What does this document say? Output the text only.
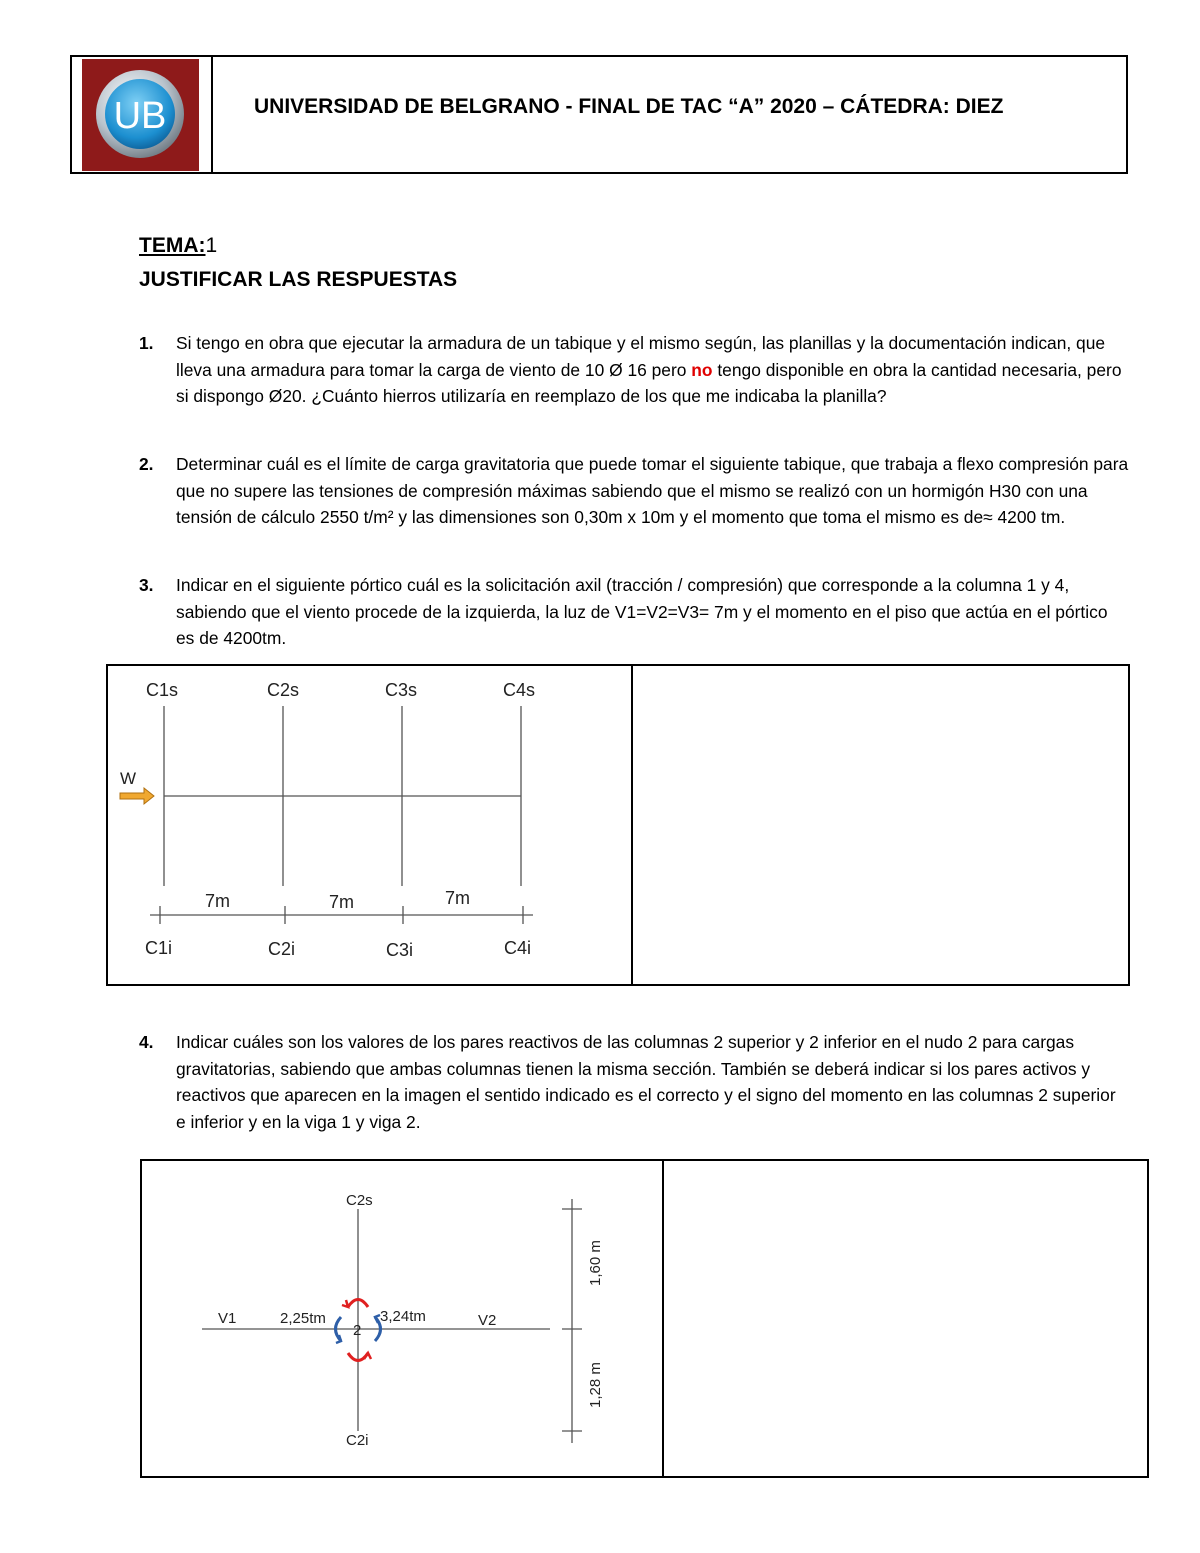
UB	UNIVERSIDAD DE BELGRANO - FINAL DE TAC “A” 2020 – CÁTEDRA: DIEZ
TEMA:1
JUSTIFICAR LAS RESPUESTAS
1. Si tengo en obra que ejecutar la armadura de un tabique y el mismo según, las planillas y la documentación indican, que lleva una armadura para tomar la carga de viento de 10 Ø 16 pero no tengo disponible en obra la cantidad necesaria, pero si dispongo Ø20. ¿Cuánto hierros utilizaría en reemplazo de los que me indicaba la planilla?
2. Determinar cuál es el límite de carga gravitatoria que puede tomar el siguiente tabique, que trabaja a flexo compresión para que no supere las tensiones de compresión máximas sabiendo que el mismo se realizó con un hormigón H30 con una tensión de cálculo 2550 t/m² y las dimensiones son 0,30m x 10m y el momento que toma el mismo es de≈ 4200 tm.
3. Indicar en el siguiente pórtico cuál es la solicitación axil (tracción / compresión) que corresponde a la columna 1 y 4, sabiendo que el viento procede de la izquierda, la luz de V1=V2=V3= 7m y el momento en el piso que actúa en el pórtico es de 4200tm.
W
C1s	C2s	C3s	C4s
7m	7m	7m
C1i	C2i	C3i	C4i
4. Indicar cuáles son los valores de los pares reactivos de las columnas 2 superior y 2 inferior en el nudo 2 para cargas gravitatorias, sabiendo que ambas columnas tienen la misma sección. También se deberá indicar si los pares activos y reactivos que aparecen en la imagen el sentido indicado es el correcto y el signo del momento en las columnas 2 superior e inferior y en la viga 1 y viga 2.
C2s
C2i
V1	V2
2
2,25tm	3,24tm
1,60 m
1,28 m
